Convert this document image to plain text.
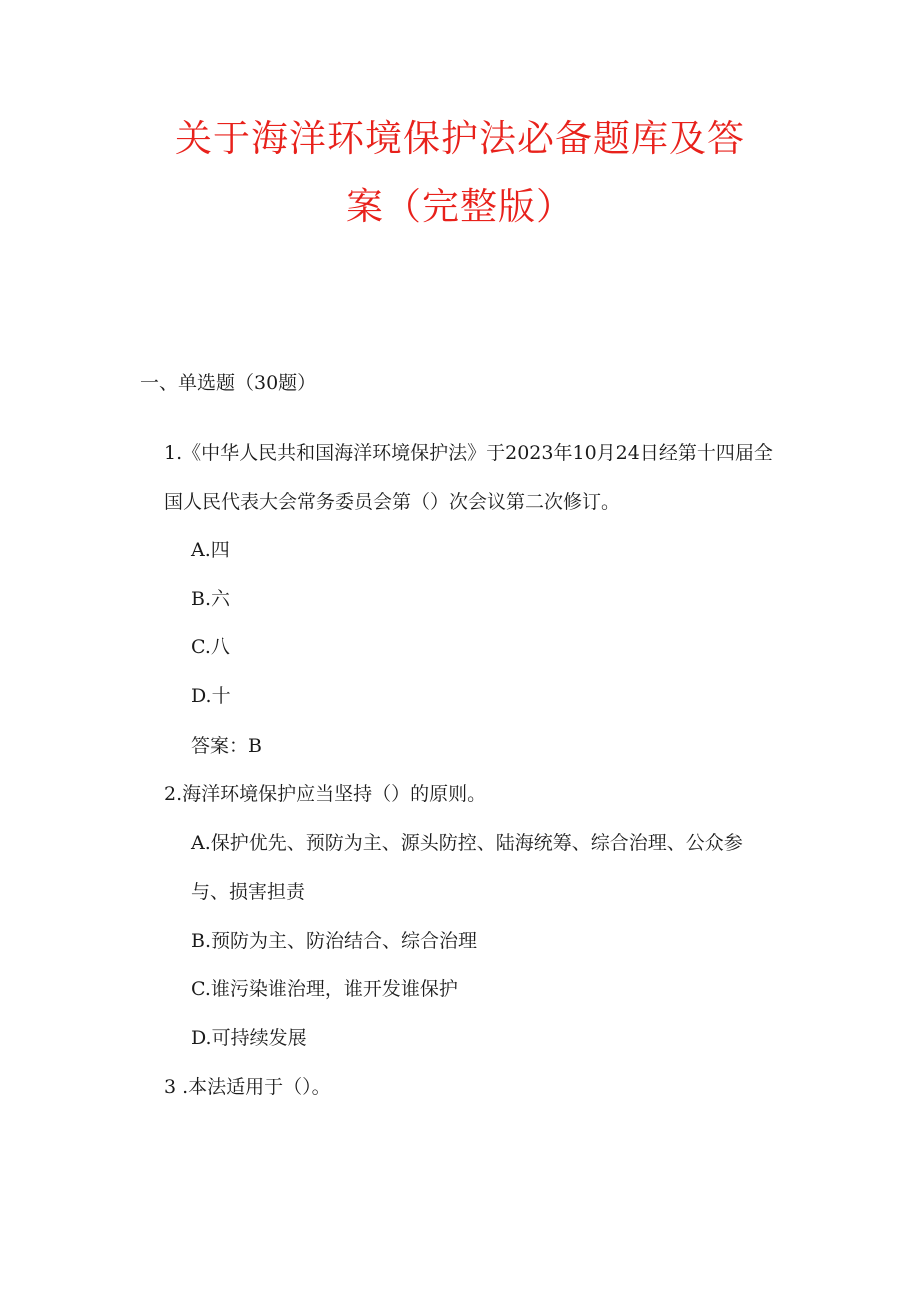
关于海洋环境保护法必备题库及答
案（完整版）

一、单选题（30题）

1.《中华人民共和国海洋环境保护法》于2023年10月24日经第十四届全

国人民代表大会常务委员会第（）次会议第二次修订。

A.四

B.六

C.八

D.十

答案：B

2.海洋环境保护应当坚持（）的原则。

A.保护优先、预防为主、源头防控、陆海统筹、综合治理、公众参

与、损害担责

B.预防为主、防治结合、综合治理

C.谁污染谁治理，谁开发谁保护

D.可持续发展

3 .本法适用于（）。
